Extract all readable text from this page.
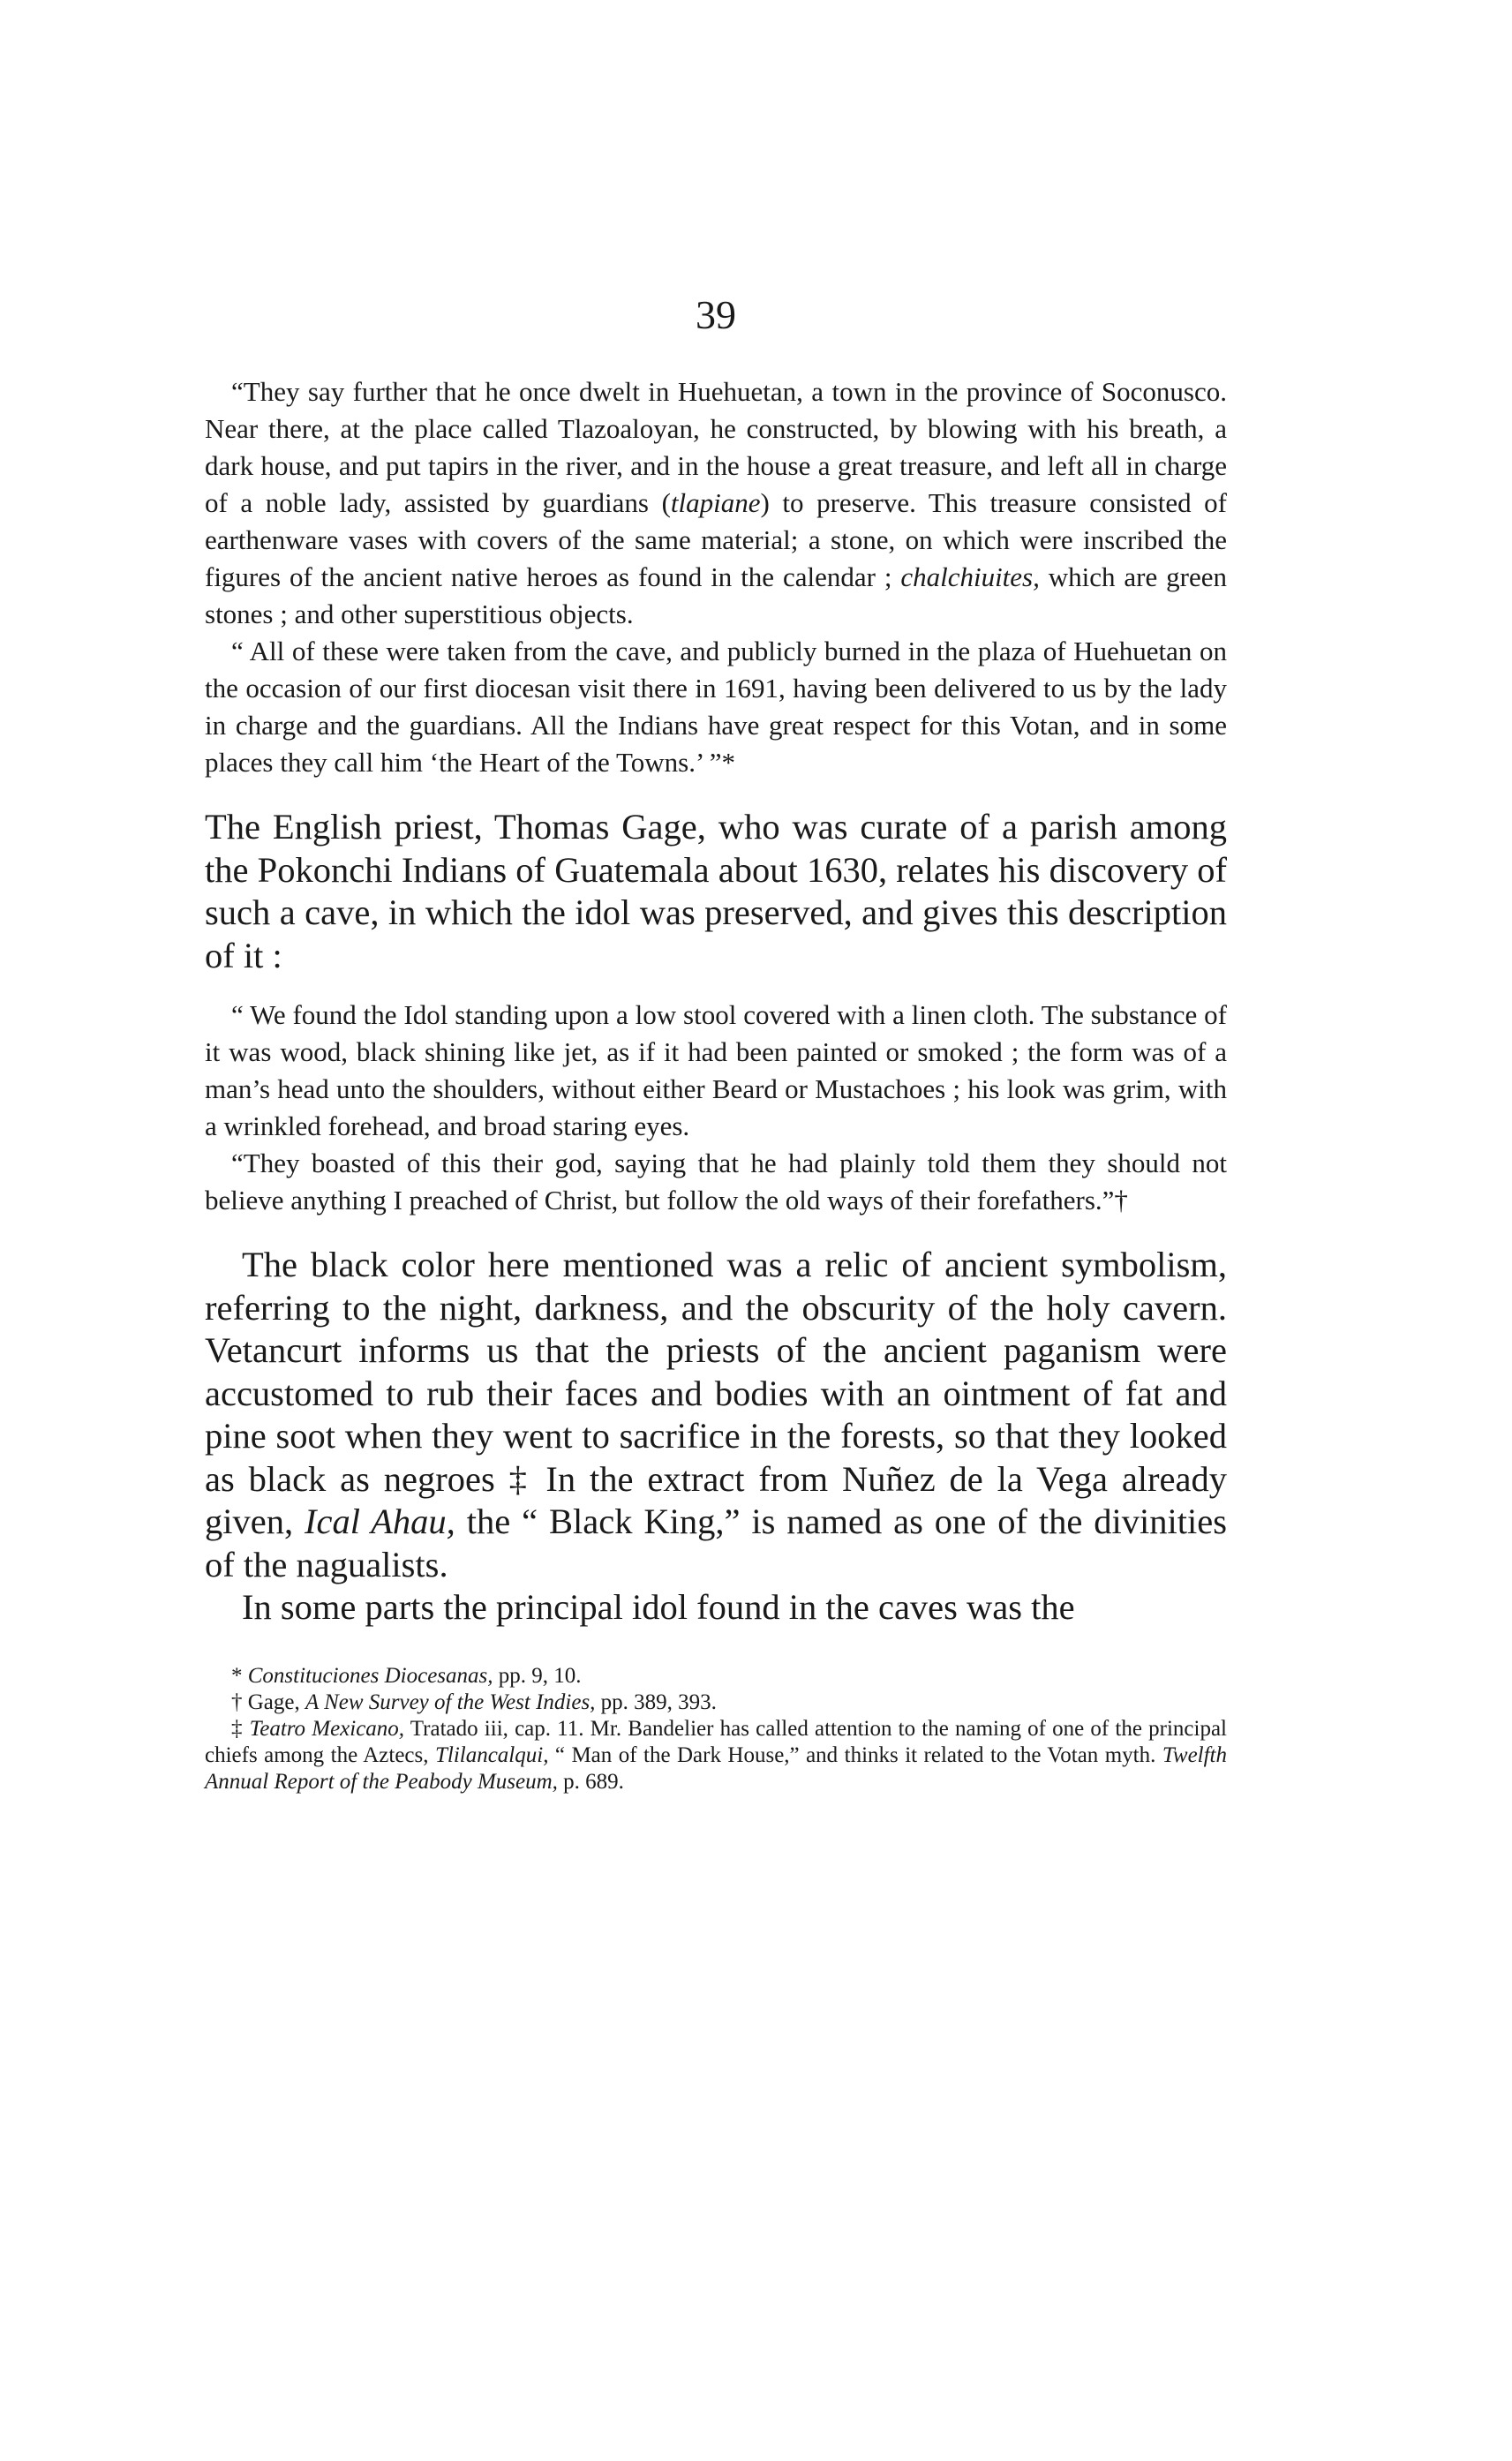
39

“They say further that he once dwelt in Huehuetan, a town in the province of Soconusco. Near there, at the place called Tlazoaloyan, he constructed, by blowing with his breath, a dark house, and put tapirs in the river, and in the house a great treasure, and left all in charge of a noble lady, assisted by guardians (tlapiane) to preserve. This treasure consisted of earthenware vases with covers of the same material; a stone, on which were inscribed the figures of the ancient native heroes as found in the calendar ; chalchiuites, which are green stones ; and other superstitious objects.

“ All of these were taken from the cave, and publicly burned in the plaza of Huehuetan on the occasion of our first diocesan visit there in 1691, having been delivered to us by the lady in charge and the guardians. All the Indians have great respect for this Votan, and in some places they call him ‘the Heart of the Towns.’ ”*

The English priest, Thomas Gage, who was curate of a parish among the Pokonchi Indians of Guatemala about 1630, relates his discovery of such a cave, in which the idol was preserved, and gives this description of it :

“ We found the Idol standing upon a low stool covered with a linen cloth. The substance of it was wood, black shining like jet, as if it had been painted or smoked ; the form was of a man’s head unto the shoulders, without either Beard or Mustachoes ; his look was grim, with a wrinkled forehead, and broad staring eyes.

“They boasted of this their god, saying that he had plainly told them they should not believe anything I preached of Christ, but follow the old ways of their forefathers.”†

The black color here mentioned was a relic of ancient symbolism, referring to the night, darkness, and the obscurity of the holy cavern. Vetancurt informs us that the priests of the ancient paganism were accustomed to rub their faces and bodies with an ointment of fat and pine soot when they went to sacrifice in the forests, so that they looked as black as negroes ‡ In the extract from Nuñez de la Vega already given, Ical Ahau, the “ Black King,” is named as one of the divinities of the nagualists.

In some parts the principal idol found in the caves was the

* Constituciones Diocesanas, pp. 9, 10.

† Gage, A New Survey of the West Indies, pp. 389, 393.

‡ Teatro Mexicano, Tratado iii, cap. 11. Mr. Bandelier has called attention to the naming of one of the principal chiefs among the Aztecs, Tlilancalqui, “ Man of the Dark House,” and thinks it related to the Votan myth. Twelfth Annual Report of the Peabody Museum, p. 689.
